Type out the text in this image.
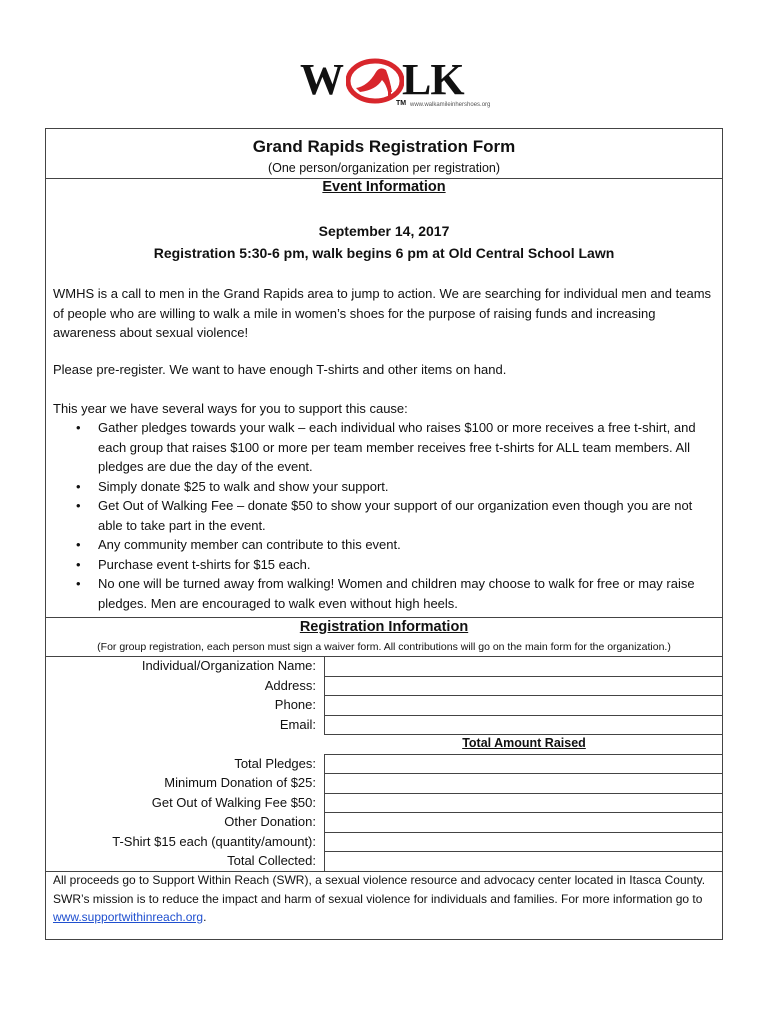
W LK
TM www.walkamileinhershoes.org
Grand Rapids Registration Form
(One person/organization per registration)
Event Information
September 14, 2017
Registration 5:30-6 pm, walk begins 6 pm at Old Central School Lawn

WMHS is a call to men in the Grand Rapids area to jump to action. We are searching for individual men and teams of people who are willing to walk a mile in women’s shoes for the purpose of raising funds and increasing awareness about sexual violence!

Please pre-register. We want to have enough T-shirts and other items on hand.

This year we have several ways for you to support this cause:

• Gather pledges towards your walk – each individual who raises $100 or more receives a free t-shirt, and each group that raises $100 or more per team member receives free t-shirts for ALL team members. All pledges are due the day of the event.
• Simply donate $25 to walk and show your support.
• Get Out of Walking Fee – donate $50 to show your support of our organization even though you are not able to take part in the event.
• Any community member can contribute to this event.
• Purchase event t-shirts for $15 each.
• No one will be turned away from walking! Women and children may choose to walk for free or may raise pledges. Men are encouraged to walk even without high heels.
Registration Information
(For group registration, each person must sign a waiver form. All contributions will go on the main form for the organization.)
Individual/Organization Name:
Address:
Phone:
Email:
Total Amount Raised
Total Pledges:
Minimum Donation of $25:
Get Out of Walking Fee $50:
Other Donation:
T-Shirt $15 each (quantity/amount):
Total Collected:

All proceeds go to Support Within Reach (SWR), a sexual violence resource and advocacy center located in Itasca County. SWR’s mission is to reduce the impact and harm of sexual violence for individuals and families. For more information go to www.supportwithinreach.org.
